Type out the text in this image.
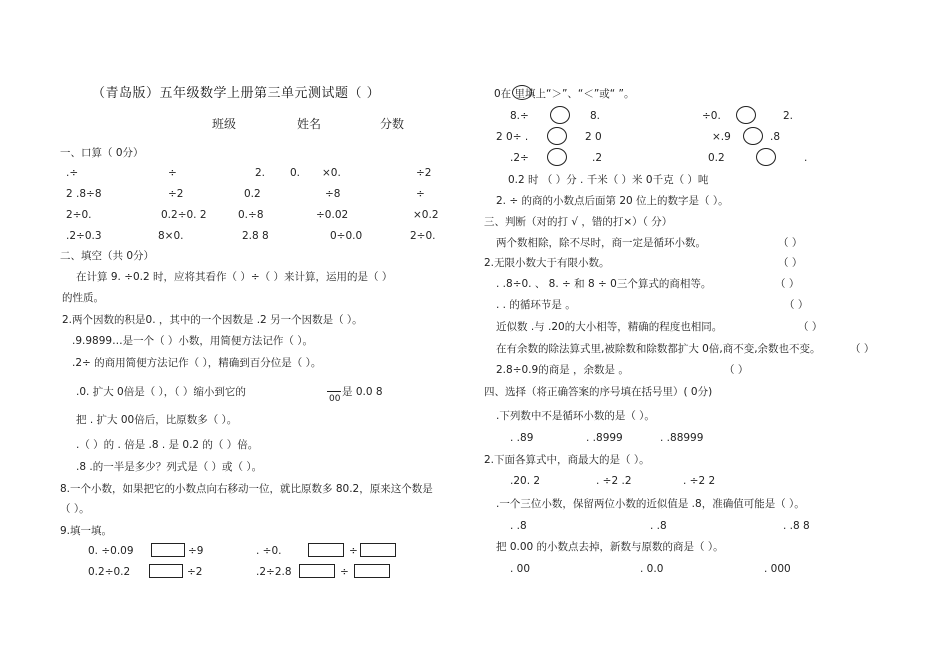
（青岛版）五年级数学上册第三单元测试题（ ）
班级	姓名	分数
一、口算（ 0分）
.÷	÷	2. 0. ×0.	÷2
2 .8÷8	÷2	0.2	÷8	÷
2÷0.	0.2÷0. 2	0.÷8	÷0.02	×0.2
.2÷0.3	8×0.	2.8 8	0÷0.0	2÷0.
二、填空（共 0分）
在计算 9. ÷0.2 时，应将其看作（ ）÷（ ）来计算，运用的是（ ）
的性质。
2.两个因数的积是0. ，其中的一个因数是 .2 另一个因数是（ ）。
.9.9899…是一个（ ）小数，用简便方法记作（ ）。
.2÷ 的商用简便方法记作（ ），精确到百分位是（ ）。
.0. 扩大 0倍是（ ），（ ）缩小到它的
00
是 0.0 8
把 . 扩大 00倍后，比原数多（ ）。
.（ ）的 . 倍是 .8 . 是 0.2 的（ ）倍。
.8 .的一半是多少？列式是（ ）或（ ）。
8.一个小数，如果把它的小数点向右移动一位，就比原数多 80.2，原来这个数是
（ ）。
9.填一填。
0. ÷0.09	÷9	. ÷0.	÷
0.2÷0.2	÷2	.2÷2.8	÷
0在 里填上“＞”、“＜”或“ ”。
8.÷	8.	÷0.	2.
2 0÷ .	2 0	×.9	.8
.2÷	.2	0.2	.
0.2 时 （ ）分 . 千米（ ）米 0千克（ ）吨
2. ÷ 的商的小数点后面第 20 位上的数字是（ ）。
三、判断（对的打 √ ，错的打×）（ 分）
两个数相除，除不尽时，商一定是循环小数。	（ ）
2.无限小数大于有限小数。	（ ）
. .8÷0. 、 8. ÷ 和 8 ÷ 0三个算式的商相等。	（ ）
. . 的循环节是 。	（ ）
近似数 .与 .20的大小相等，精确的程度也相同。	（ ）
在有余数的除法算式里,被除数和除数都扩大 0倍,商不变,余数也不变。	（ ）
2.8÷0.9的商是 ，余数是 。	（ ）
四、选择（将正确答案的序号填在括号里）( 0分)
.下列数中不是循环小数的是（ ）。
. .89	. .8999	. .88999
2.下面各算式中，商最大的是（ ）。
.20. 2	. ÷2 .2	. ÷2 2
.一个三位小数，保留两位小数的近似值是 .8，准确值可能是（ ）。
. .8	. .8	. .8 8
把 0.00 的小数点去掉，新数与原数的商是（ ）。
. 00	. 0.0	. 000
